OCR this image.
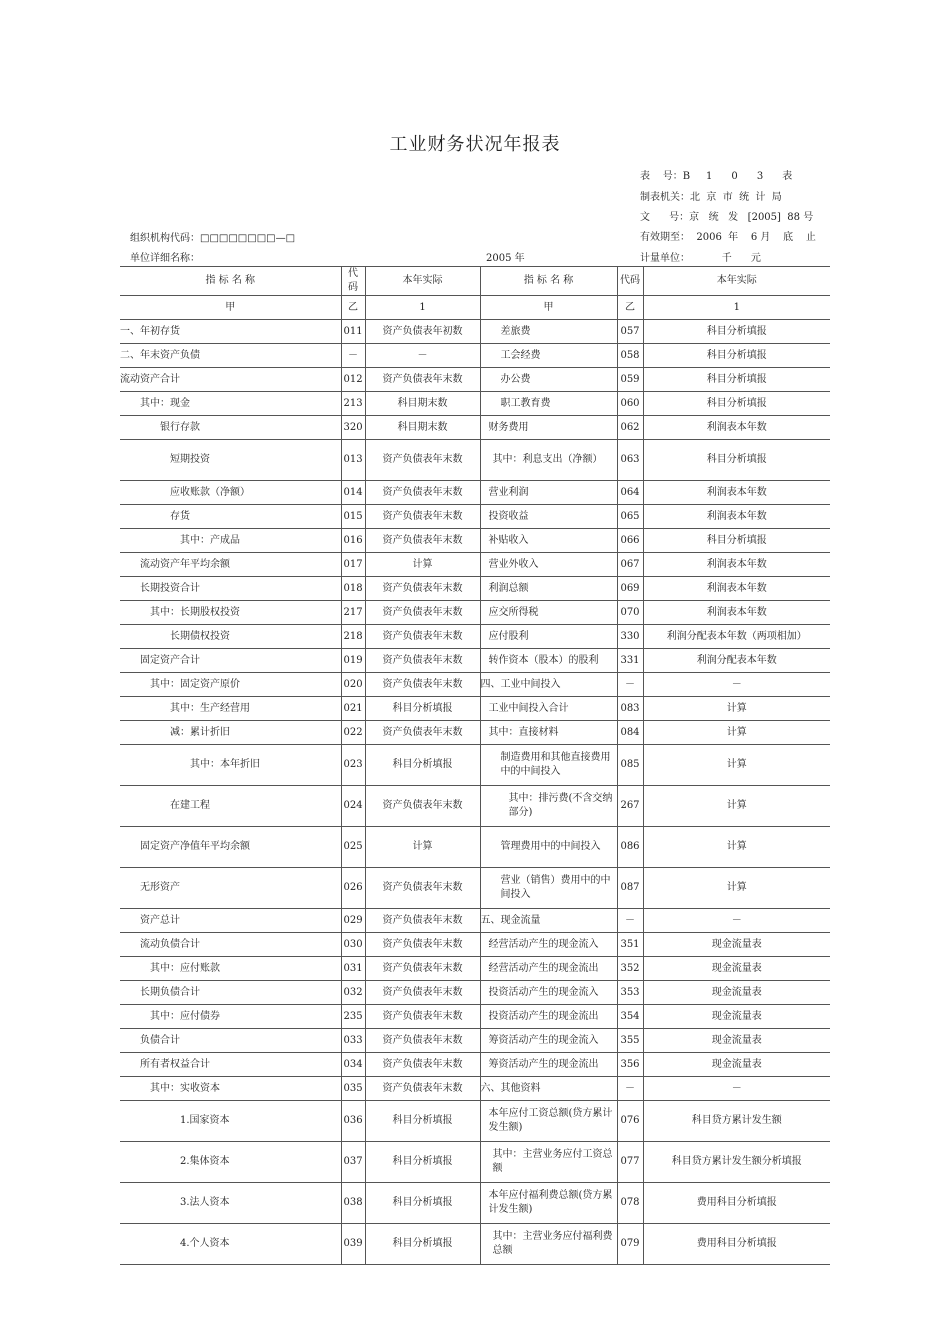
工业财务状况年报表
表    号：B     1      0      3      表
制表机关：北  京  市  统  计  局
文      号：京   统   发   [2005]  88 号
有效期至：  2006  年    6 月    底    止
计量单位：          千      元
组织机构代码：□□□□□□□□—□
单位详细名称：	2005 年
指 标 名 称	代码	本年实际	指 标 名 称	代码	本年实际
甲	乙	1	甲	乙	1
一、年初存货	011	资产负债表年初数	差旅费	057	科目分析填报
二、年末资产负债	－	－	工会经费	058	科目分析填报
流动资产合计	012	资产负债表年末数	办公费	059	科目分析填报
其中：现金	213	科目期末数	职工教育费	060	科目分析填报
银行存款	320	科目期末数	财务费用	062	利润表本年数
短期投资	013	资产负债表年末数	其中：利息支出（净额）	063	科目分析填报
应收账款（净额）	014	资产负债表年末数	营业利润	064	利润表本年数
存货	015	资产负债表年末数	投资收益	065	利润表本年数
其中：产成品	016	资产负债表年末数	补贴收入	066	科目分析填报
流动资产年平均余额	017	计算	营业外收入	067	利润表本年数
长期投资合计	018	资产负债表年末数	利润总额	069	利润表本年数
其中：长期股权投资	217	资产负债表年末数	应交所得税	070	利润表本年数
长期债权投资	218	资产负债表年末数	应付股利	330	利润分配表本年数（两项相加）
固定资产合计	019	资产负债表年末数	转作资本（股本）的股利	331	利润分配表本年数
其中：固定资产原价	020	资产负债表年末数	四、工业中间投入	－	－
其中：生产经营用	021	科目分析填报	工业中间投入合计	083	计算
减：累计折旧	022	资产负债表年末数	其中：直接材料	084	计算
其中：本年折旧	023	科目分析填报	制造费用和其他直接费用中的中间投入	085	计算
在建工程	024	资产负债表年末数	其中：排污费(不含交纳部分)	267	计算
固定资产净值年平均余额	025	计算	管理费用中的中间投入	086	计算
无形资产	026	资产负债表年末数	营业（销售）费用中的中间投入	087	计算
资产总计	029	资产负债表年末数	五、现金流量	－	－
流动负债合计	030	资产负债表年末数	经营活动产生的现金流入	351	现金流量表
其中：应付账款	031	资产负债表年末数	经营活动产生的现金流出	352	现金流量表
长期负债合计	032	资产负债表年末数	投资活动产生的现金流入	353	现金流量表
其中：应付债券	235	资产负债表年末数	投资活动产生的现金流出	354	现金流量表
负债合计	033	资产负债表年末数	筹资活动产生的现金流入	355	现金流量表
所有者权益合计	034	资产负债表年末数	筹资活动产生的现金流出	356	现金流量表
其中：实收资本	035	资产负债表年末数	六、其他资料	－	－
1.国家资本	036	科目分析填报	本年应付工资总额(贷方累计发生额)	076	科目贷方累计发生额
2.集体资本	037	科目分析填报	其中：主营业务应付工资总额	077	科目贷方累计发生额分析填报
3.法人资本	038	科目分析填报	本年应付福利费总额(贷方累计发生额)	078	费用科目分析填报
4.个人资本	039	科目分析填报	其中：主营业务应付福利费总额	079	费用科目分析填报
